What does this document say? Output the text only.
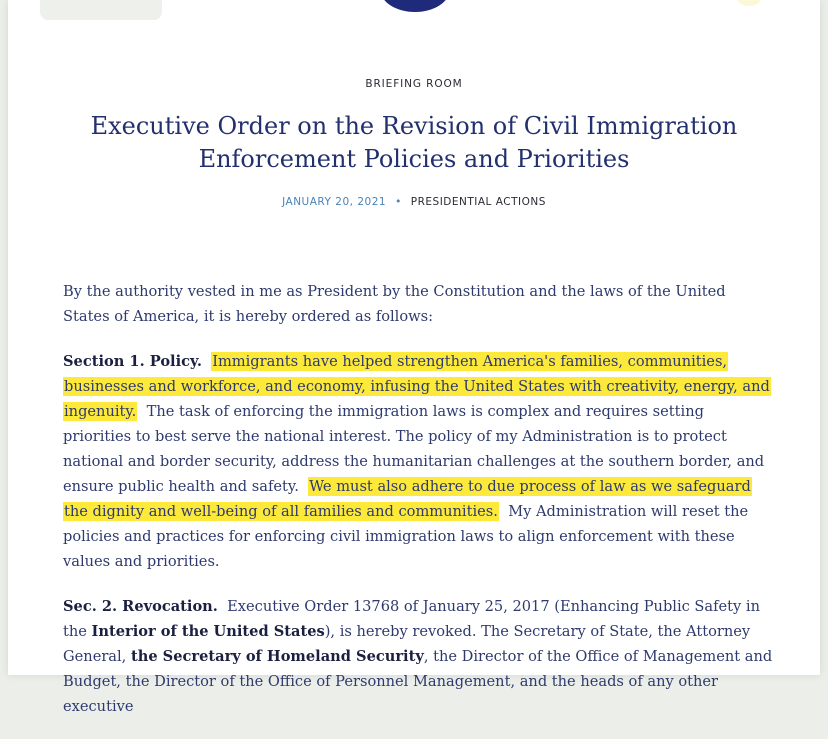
BRIEFING ROOM
Executive Order on the Revision of Civil Immigration Enforcement Policies and Priorities
JANUARY 20, 2021 • PRESIDENTIAL ACTIONS

By the authority vested in me as President by the Constitution and the laws of the United States of America, it is hereby ordered as follows:

Section 1. Policy. Immigrants have helped strengthen America's families, communities, businesses and workforce, and economy, infusing the United States with creativity, energy, and ingenuity. The task of enforcing the immigration laws is complex and requires setting priorities to best serve the national interest. The policy of my Administration is to protect national and border security, address the humanitarian challenges at the southern border, and ensure public health and safety. We must also adhere to due process of law as we safeguard the dignity and well-being of all families and communities. My Administration will reset the policies and practices for enforcing civil immigration laws to align enforcement with these values and priorities.

Sec. 2. Revocation. Executive Order 13768 of January 25, 2017 (Enhancing Public Safety in the Interior of the United States), is hereby revoked. The Secretary of State, the Attorney General, the Secretary of Homeland Security, the Director of the Office of Management and Budget, the Director of the Office of Personnel Management, and the heads of any other executive
